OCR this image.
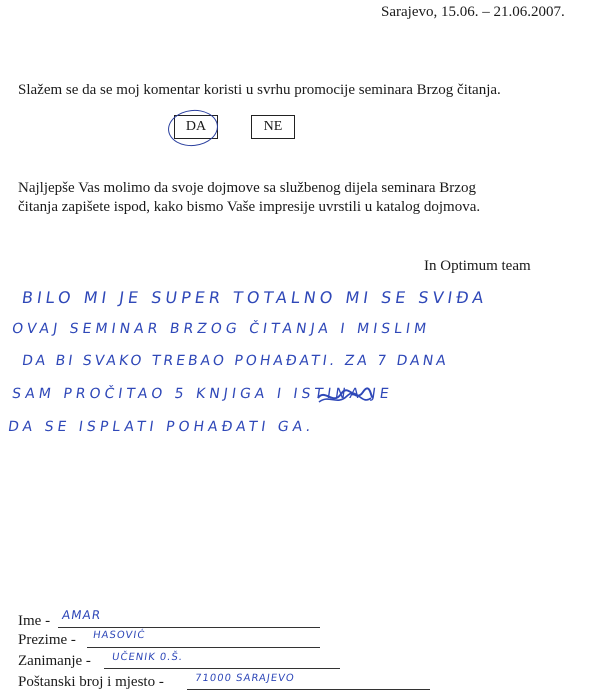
Sarajevo, 15.06. – 21.06.2007.
Slažem se da se moj komentar koristi u svrhu promocije seminara Brzog čitanja.
DA	NE
Najljepše Vas molimo da svoje dojmove sa službenog dijela seminara Brzog
čitanja zapišete ispod, kako bismo Vaše impresije uvrstili u katalog dojmova.
In Optimum team
BILO MI JE SUPER TOTALNO MI SE SVIĐA
OVAJ SEMINAR BRZOG ČITANJA I MISLIM
DA BI SVAKO TREBAO POHAĐATI. ZA 7 DANA
SAM PROČITAO 5 KNJIGA I ISTINA JE
DA SE ISPLATI POHAĐATI GA.
Ime - AMAR
Prezime - HASOVIĆ
Zanimanje - UČENIK 0.Š.
Poštanski broj i mjesto -	71000 SARAJEVO
